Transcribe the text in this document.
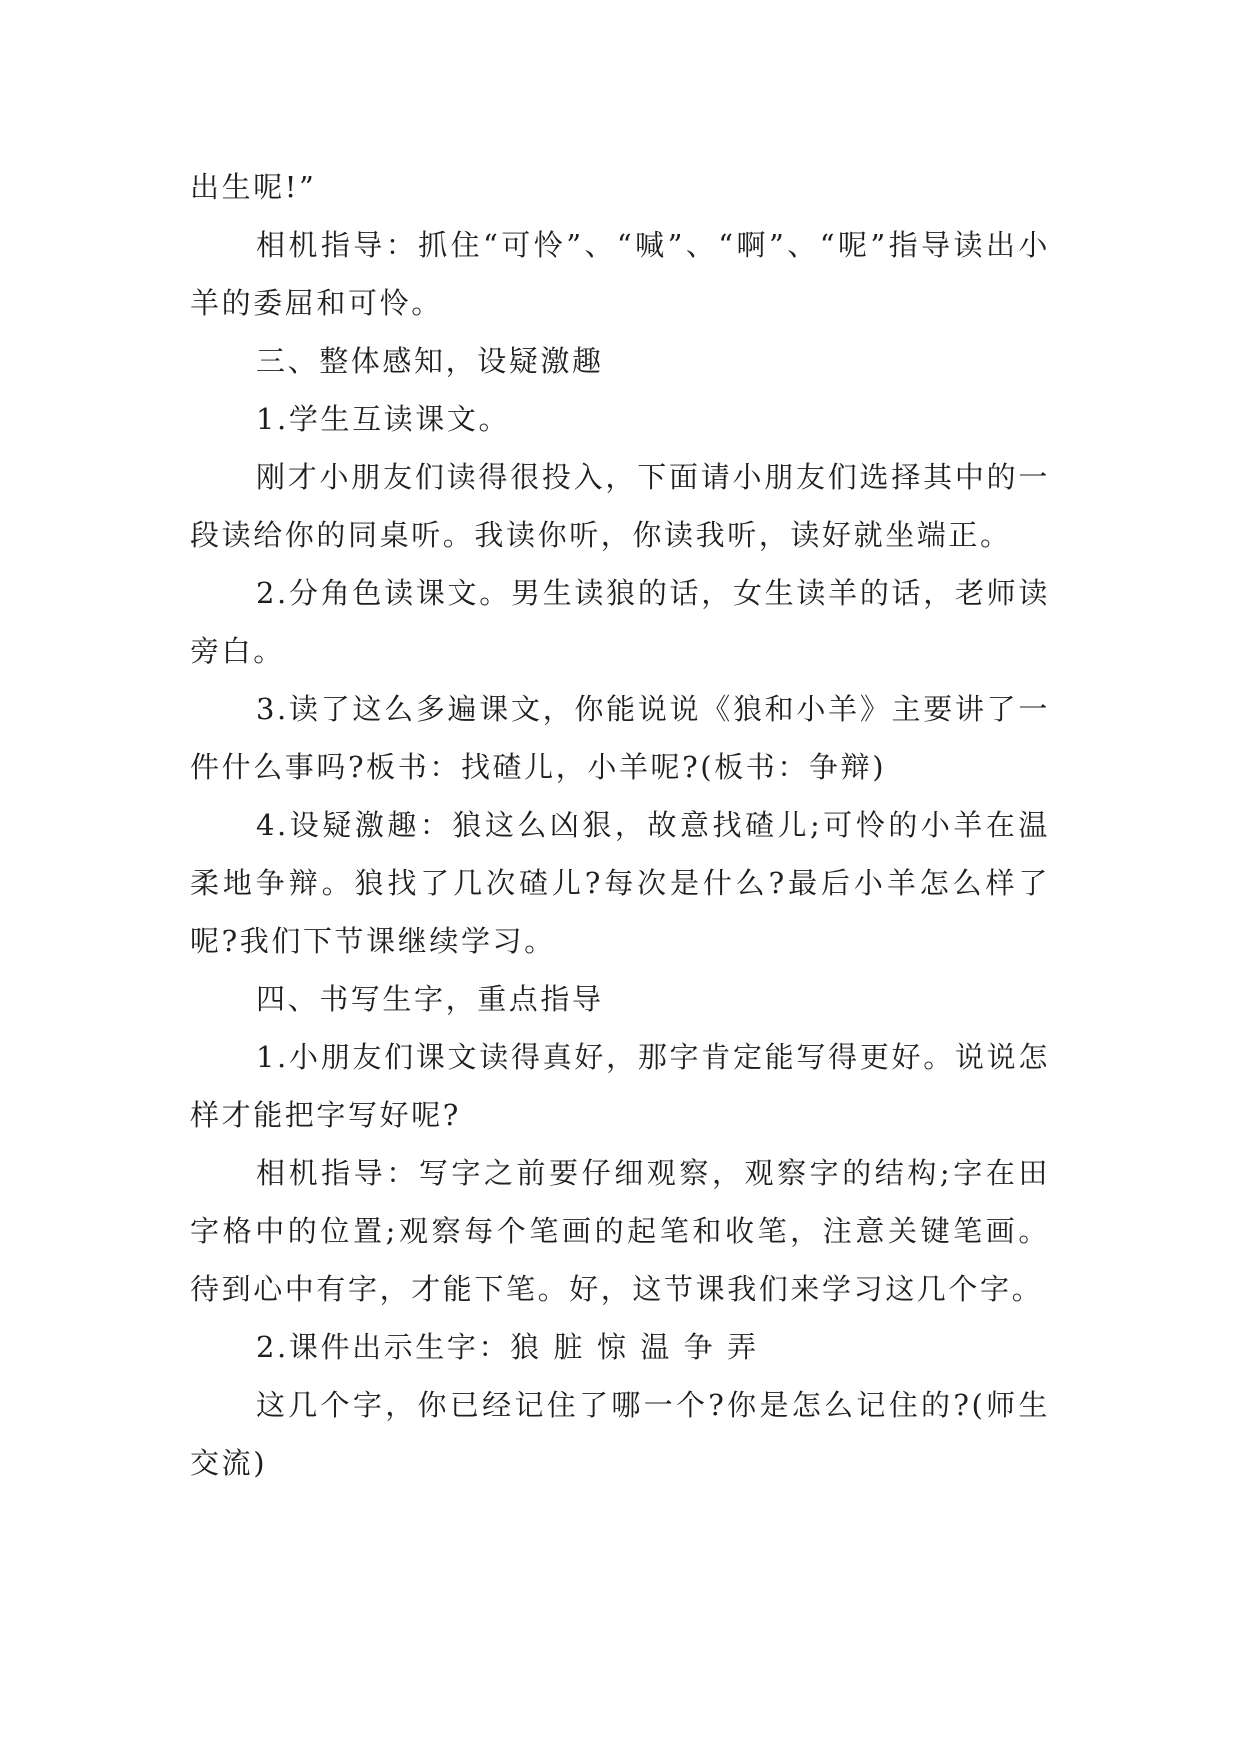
出生呢!”

相机指导：抓住“可怜”、“喊”、“啊”、“呢”指导读出小羊的委屈和可怜。

三、整体感知，设疑激趣

1.学生互读课文。

刚才小朋友们读得很投入，下面请小朋友们选择其中的一段读给你的同桌听。我读你听，你读我听，读好就坐端正。

2.分角色读课文。男生读狼的话，女生读羊的话，老师读旁白。

3.读了这么多遍课文，你能说说《狼和小羊》主要讲了一件什么事吗?板书：找碴儿，小羊呢?(板书：争辩)

4.设疑激趣：狼这么凶狠，故意找碴儿;可怜的小羊在温柔地争辩。狼找了几次碴儿?每次是什么?最后小羊怎么样了呢?我们下节课继续学习。

四、书写生字，重点指导

1.小朋友们课文读得真好，那字肯定能写得更好。说说怎样才能把字写好呢?

相机指导：写字之前要仔细观察，观察字的结构;字在田字格中的位置;观察每个笔画的起笔和收笔，注意关键笔画。待到心中有字，才能下笔。好，这节课我们来学习这几个字。

2.课件出示生字：狼 脏 惊 温 争 弄

这几个字，你已经记住了哪一个?你是怎么记住的?(师生交流)
